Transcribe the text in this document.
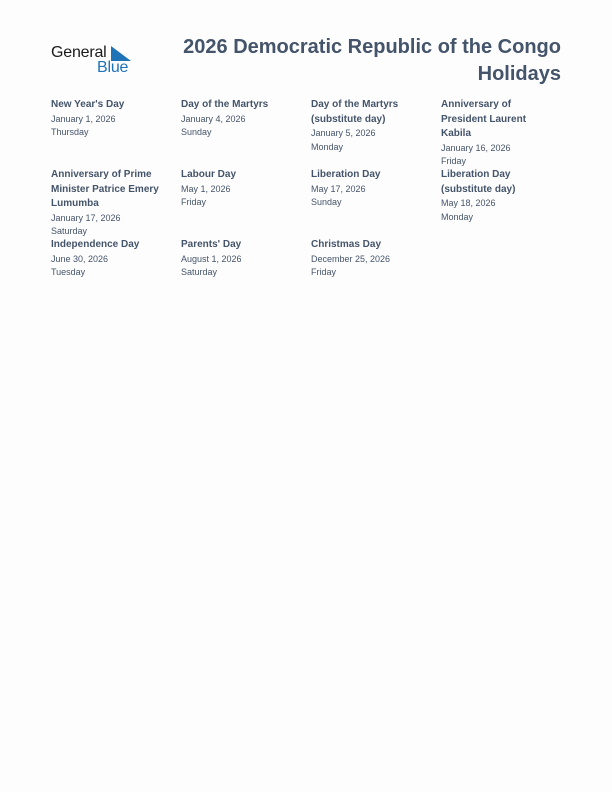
General
Blue
2026 Democratic Republic of the Congo Holidays
New Year's Day
January 1, 2026
Thursday
Day of the Martyrs
January 4, 2026
Sunday
Day of the Martyrs (substitute day)
January 5, 2026
Monday
Anniversary of President Laurent Kabila
January 16, 2026
Friday
Anniversary of Prime Minister Patrice Emery Lumumba
January 17, 2026
Saturday
Labour Day
May 1, 2026
Friday
Liberation Day
May 17, 2026
Sunday
Liberation Day (substitute day)
May 18, 2026
Monday
Independence Day
June 30, 2026
Tuesday
Parents' Day
August 1, 2026
Saturday
Christmas Day
December 25, 2026
Friday
